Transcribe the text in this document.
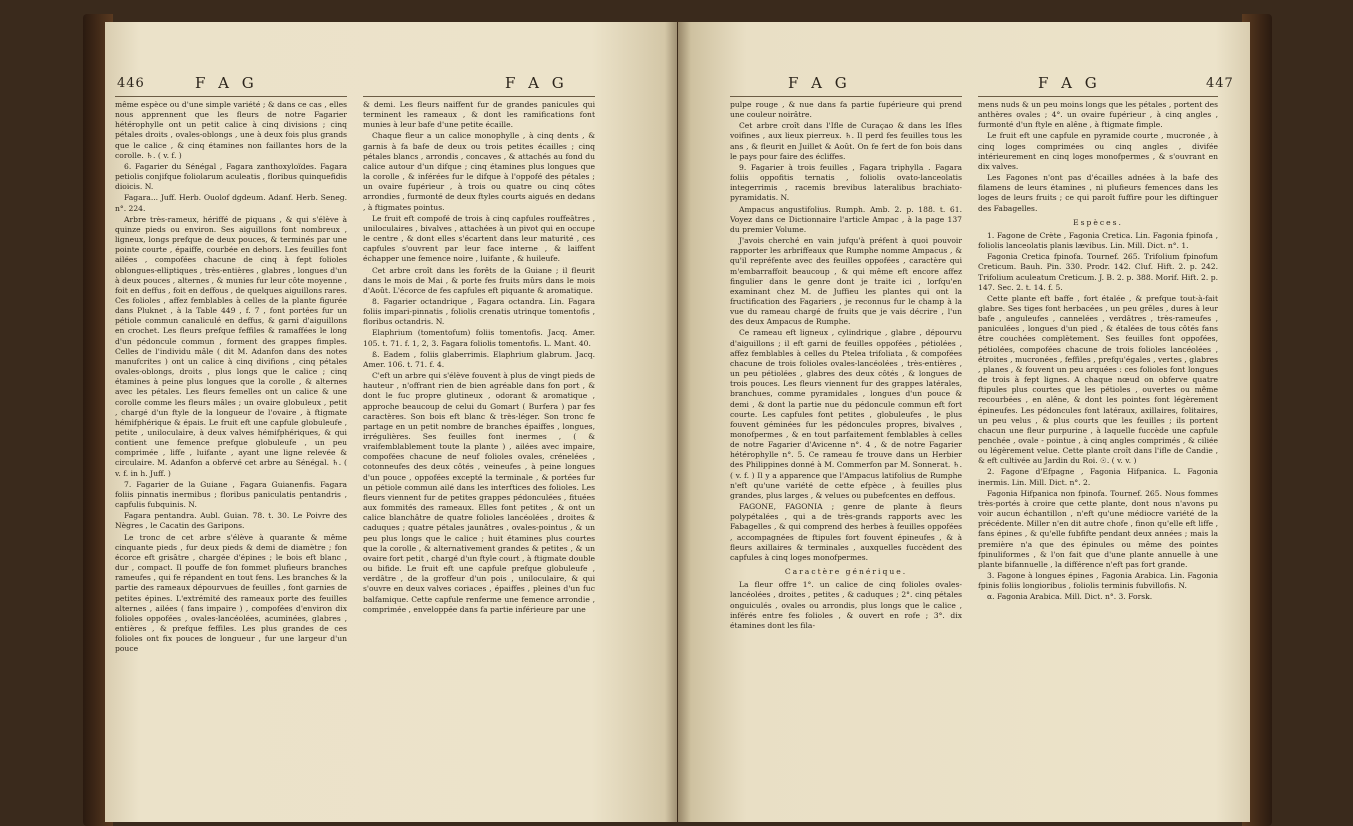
446	F A G	F A G

même espèce ou d'une simple variété ; & dans ce cas , elles nous apprennent que les fleurs de notre Fagarier hétérophylle ont un petit calice à cinq divisions ; cinq pétales droits , ovales-oblongs , une à deux fois plus grands que le calice , & cinq étamines non faillantes hors de la corolle. ♄. ( v. f. )

6. Fagarier du Sénégal , Fagara zanthoxyloïdes. Fagara petiolis conjifque foliolarum aculeatis , floribus quinquefidis dioicis. N.

Fagara... Juff. Herb. Ouolof dgdeum. Adanf. Herb. Seneg. n°. 224.

Arbre très-rameux, hériffé de piquans , & qui s'élève à quinze pieds ou environ. Ses aiguillons font nombreux , ligneux, longs prefque de deux pouces, & terminés par une pointe courte , épaiffe, courbée en dehors. Les feuilles font ailées , compofées chacune de cinq à fept folioles oblongues-elliptiques , très-entières , glabres , longues d'un à deux pouces , alternes , & munies fur leur côte moyenne , foit en deffus , foit en deffous , de quelques aiguillons rares. Ces folioles , affez femblables à celles de la plante figurée dans Pluknet , à la Table 449 , f. 7 , font portées fur un pétiole commun canaliculé en deffus, & garni d'aiguillons en crochet. Les fleurs prefque feffiles & ramaffées le long d'un pédoncule commun , forment des grappes fimples. Celles de l'individu mâle ( dit M. Adanfon dans des notes manufcrites ) ont un calice à cinq divifions , cinq pétales ovales-oblongs, droits , plus longs que le calice ; cinq étamines à peine plus longues que la corolle , & alternes avec les pétales. Les fleurs femelles ont un calice & une corolle comme les fleurs mâles ; un ovaire globuleux , petit , chargé d'un ftyle de la longueur de l'ovaire , à ftigmate hémifphérique & épais. Le fruit eft une capfule globuleufe , petite , uniloculaire, à deux valves hémifphériques, & qui contient une femence prefque globuleufe , un peu comprimée , liffe , luifante , ayant une ligne relevée & circulaire. M. Adanfon a obfervé cet arbre au Sénégal. ♄. ( v. f. in h. Juff. )

7. Fagarier de la Guiane , Fagara Guianenfis. Fagara foliis pinnatis inermibus ; floribus paniculatis pentandris , capfulis fubquinis. N.

Fagara pentandra. Aubl. Guian. 78. t. 30. Le Poivre des Nègres , le Cacatin des Garipons.

Le tronc de cet arbre s'élève à quarante & même cinquante pieds , fur deux pieds & demi de diamètre ; fon écorce eft grisâtre , chargée d'épines ; le bois eft blanc , dur , compact. Il pouffe de fon fommet plufieurs branches rameufes , qui fe répandent en tout fens. Les branches & la partie des rameaux dépourvues de feuilles , font garnies de petites épines. L'extrémité des rameaux porte des feuilles alternes , ailées ( fans impaire ) , compofées d'environ dix folioles oppofées , ovales-lancéolées, acuminées, glabres , entières , & prefque feffiles. Les plus grandes de ces folioles ont fix pouces de longueur , fur une largeur d'un pouce

& demi. Les fleurs naiffent fur de grandes panicules qui terminent les rameaux , & dont les ramifications font munies à leur bafe d'une petite écaille.

Chaque fleur a un calice monophylle , à cinq dents , & garnis à fa bafe de deux ou trois petites écailles ; cinq pétales blancs , arrondis , concaves , & attachés au fond du calice autour d'un difque ; cinq étamines plus longues que la corolle , & inférées fur le difque à l'oppofé des pétales ; un ovaire fupérieur , à trois ou quatre ou cinq côtes arrondies , furmonté de deux ftyles courts aigués en dedans , à ftigmates pointus.

Le fruit eft compofé de trois à cinq capfules rouffeâtres , uniloculaires , bivalves , attachées à un pivot qui en occupe le centre , & dont elles s'écartent dans leur maturité , ces capfules s'ouvrent par leur face interne , & laiffent échapper une femence noire , luifante , & huileufe.

Cet arbre croît dans les forêts de la Guiane ; il fleurit dans le mois de Mai , & porte fes fruits mûrs dans le mois d'Août. L'écorce de fes capfules eft piquante & aromatique.

8. Fagarier octandrique , Fagara octandra. Lin. Fagara foliis impari-pinnatis , foliolis crenatis utrinque tomentofis , floribus octandris. N.

Elaphrium (tomentofum) foliis tomentofis. Jacq. Amer. 105. t. 71. f. 1, 2, 3. Fagara foliolis tomentofis. L. Mant. 40.

ß. Eadem , foliis glaberrimis. Elaphrium glabrum. Jacq. Amer. 106. t. 71. f. 4.

C'eft un arbre qui s'élève fouvent à plus de vingt pieds de hauteur , n'offrant rien de bien agréable dans fon port , & dont le fuc propre glutineux , odorant & aromatique , approche beaucoup de celui du Gomart ( Burfera ) par fes caractères. Son bois eft blanc & très-léger. Son tronc fe partage en un petit nombre de branches épaiffes , longues, irrégulières. Ses feuilles font inermes , ( & vraifemblablement toute la plante ) , ailées avec impaire, compofées chacune de neuf folioles ovales, crénelées , cotonneufes des deux côtés , veineufes , à peine longues d'un pouce , oppofées excepté la terminale , & portées fur un pétiole commun ailé dans les interftices des folioles. Les fleurs viennent fur de petites grappes pédonculées , fituées aux fommités des rameaux. Elles font petites , & ont un calice blanchâtre de quatre folioles lancéolées , droites & caduques ; quatre pétales jaunâtres , ovales-pointus , & un peu plus longs que le calice ; huit étamines plus courtes que la corolle , & alternativement grandes & petites , & un ovaire fort petit , chargé d'un ftyle court , à ftigmate double ou bifide. Le fruit eft une capfule prefque globuleufe , verdâtre , de la groffeur d'un pois , uniloculaire, & qui s'ouvre en deux valves coriaces , épaiffes , pleines d'un fuc balfamique. Cette capfule renferme une femence arrondie , comprimée , enveloppée dans fa partie inférieure par une

F A G	F A G	447

pulpe rouge , & nue dans fa partie fupérieure qui prend une couleur noirâtre.

Cet arbre croît dans l'Ifle de Curaçao & dans les Ifles voifines , aux lieux pierreux. ♄. Il perd fes feuilles tous les ans , & fleurit en Juillet & Août. On fe fert de fon bois dans le pays pour faire des écliffes.

9. Fagarier à trois feuilles , Fagara triphylla . Fagara foliis oppofitis ternatis , foliolis ovato-lanceolatis integerrimis , racemis brevibus lateralibus brachiato-pyramidatis. N.

Ampacus angustifolius. Rumph. Amb. 2. p. 188. t. 61. Voyez dans ce Dictionnaire l'article Ampac , à la page 137 du premier Volume.

J'avois cherché en vain jufqu'à préfent à quoi pouvoir rapporter les arbriffeaux que Rumphe nomme Ampacus , & qu'il repréfente avec des feuilles oppofées , caractère qui m'embarraffoit beaucoup , & qui même eft encore affez fingulier dans le genre dont je traite ici , lorfqu'en examinant chez M. de Juffieu les plantes qui ont la fructification des Fagariers , je reconnus fur le champ à la vue du rameau chargé de fruits que je vais décrire , l'un des deux Ampacus de Rumphe.

Ce rameau eft ligneux , cylindrique , glabre , dépourvu d'aiguillons ; il eft garni de feuilles oppofées , pétiolées , affez femblables à celles du Ptelea trifoliata , & compofées chacune de trois folioles ovales-lancéolées , très-entières , un peu pétiolées , glabres des deux côtés , & longues de trois pouces. Les fleurs viennent fur des grappes latérales, branchues, comme pyramidales , longues d'un pouce & demi , & dont la partie nue du pédoncule commun eft fort courte. Les capfules font petites , globuleufes , le plus fouvent géminées fur les pédoncules propres, bivalves , monofpermes , & en tout parfaitement femblables à celles de notre Fagarier d'Avicenne n°. 4 , & de notre Fagarier hétérophylle n°. 5. Ce rameau fe trouve dans un Herbier des Philippines donné à M. Commerfon par M. Sonnerat. ♄. ( v. f. ) Il y a apparence que l'Ampacus latifolius de Rumphe n'eft qu'une variété de cette efpèce , à feuilles plus grandes, plus larges , & velues ou pubefcentes en deffous.

FAGONE, FAGONIA ; genre de plante à fleurs polypétalées , qui a de très-grands rapports avec les Fabagelles , & qui comprend des herbes à feuilles oppofées , accompagnées de ftipules fort fouvent épineufes , & à fleurs axillaires & terminales , auxquelles fuccèdent des capfules à cinq loges monofpermes.

Caractère générique.

La fleur offre 1°. un calice de cinq folioles ovales-lancéolées , droites , petites , & caduques ; 2°. cinq pétales onguiculés , ovales ou arrondis, plus longs que le calice , inférés entre fes folioles , & ouvert en rofe ; 3°. dix étamines dont les fila-

mens nuds & un peu moins longs que les pétales , portent des anthères ovales ; 4°. un ovaire fupérieur , à cinq angles , furmonté d'un ftyle en alêne , à ftigmate fimple.

Le fruit eft une capfule en pyramide courte , mucronée , à cinq loges comprimées ou cinq angles , divifée intérieurement en cinq loges monofpermes , & s'ouvrant en dix valves.

Les Fagones n'ont pas d'écailles adnées à la bafe des filamens de leurs étamines , ni plufieurs femences dans les loges de leurs fruits ; ce qui paroît fuffire pour les diftinguer des Fabagelles.

Espèces.

1. Fagone de Crète , Fagonia Cretica. Lin. Fagonia fpinofa , foliolis lanceolatis planis lævibus. Lin. Mill. Dict. n°. 1.

Fagonia Cretica fpinofa. Tournef. 265. Trifolium fpinofum Creticum. Bauh. Pin. 330. Prodr. 142. Cluf. Hift. 2. p. 242. Trifolium aculeatum Creticum. J. B. 2. p. 388. Morif. Hift. 2. p. 147. Sec. 2. t. 14. f. 5.

Cette plante eft baffe , fort étalée , & prefque tout-à-fait glabre. Ses tiges font herbacées , un peu grêles , dures à leur bafe , anguleufes , cannelées , verdâtres , très-rameufes , paniculées , longues d'un pied , & étalées de tous côtés fans être couchées complètement. Ses feuilles font oppofées, pétiolées, compofées chacune de trois folioles lancéolées , étroites , mucronées , feffiles , prefqu'égales , vertes , glabres , planes , & fouvent un peu arquées : ces folioles font longues de trois à fept lignes. A chaque nœud on obferve quatre ftipules plus courtes que les pétioles , ouvertes ou même recourbées , en alêne, & dont les pointes font légèrement épineufes. Les pédoncules font latéraux, axillaires, folitaires, un peu velus , & plus courts que les feuilles ; ils portent chacun une fleur purpurine , à laquelle fuccède une capfule penchée , ovale - pointue , à cinq angles comprimés , & ciliée ou légèrement velue. Cette plante croît dans l'ifle de Candie , & eft cultivée au Jardin du Roi. ☉. ( v. v. )

2. Fagone d'Efpagne , Fagonia Hifpanica. L. Fagonia inermis. Lin. Mill. Dict. n°. 2.

Fagonia Hifpanica non fpinofa. Tournef. 265. Nous fommes très-portés à croire que cette plante, dont nous n'avons pu voir aucun échantillon , n'eft qu'une médiocre variété de la précédente. Miller n'en dit autre chofe , finon qu'elle eft liffe , fans épines , & qu'elle fubfifte pendant deux années ; mais la première n'a que des épinules ou même des pointes fpinuliformes , & l'on fait que d'une plante annuelle à une plante bifannuelle , la différence n'eft pas fort grande.

3. Fagone à longues épines , Fagonia Arabica. Lin. Fagonia fpinis foliis longioribus , foliolis terminis fubvillofis. N.

α. Fagonia Arabica. Mill. Dict. n°. 3. Forsk.
